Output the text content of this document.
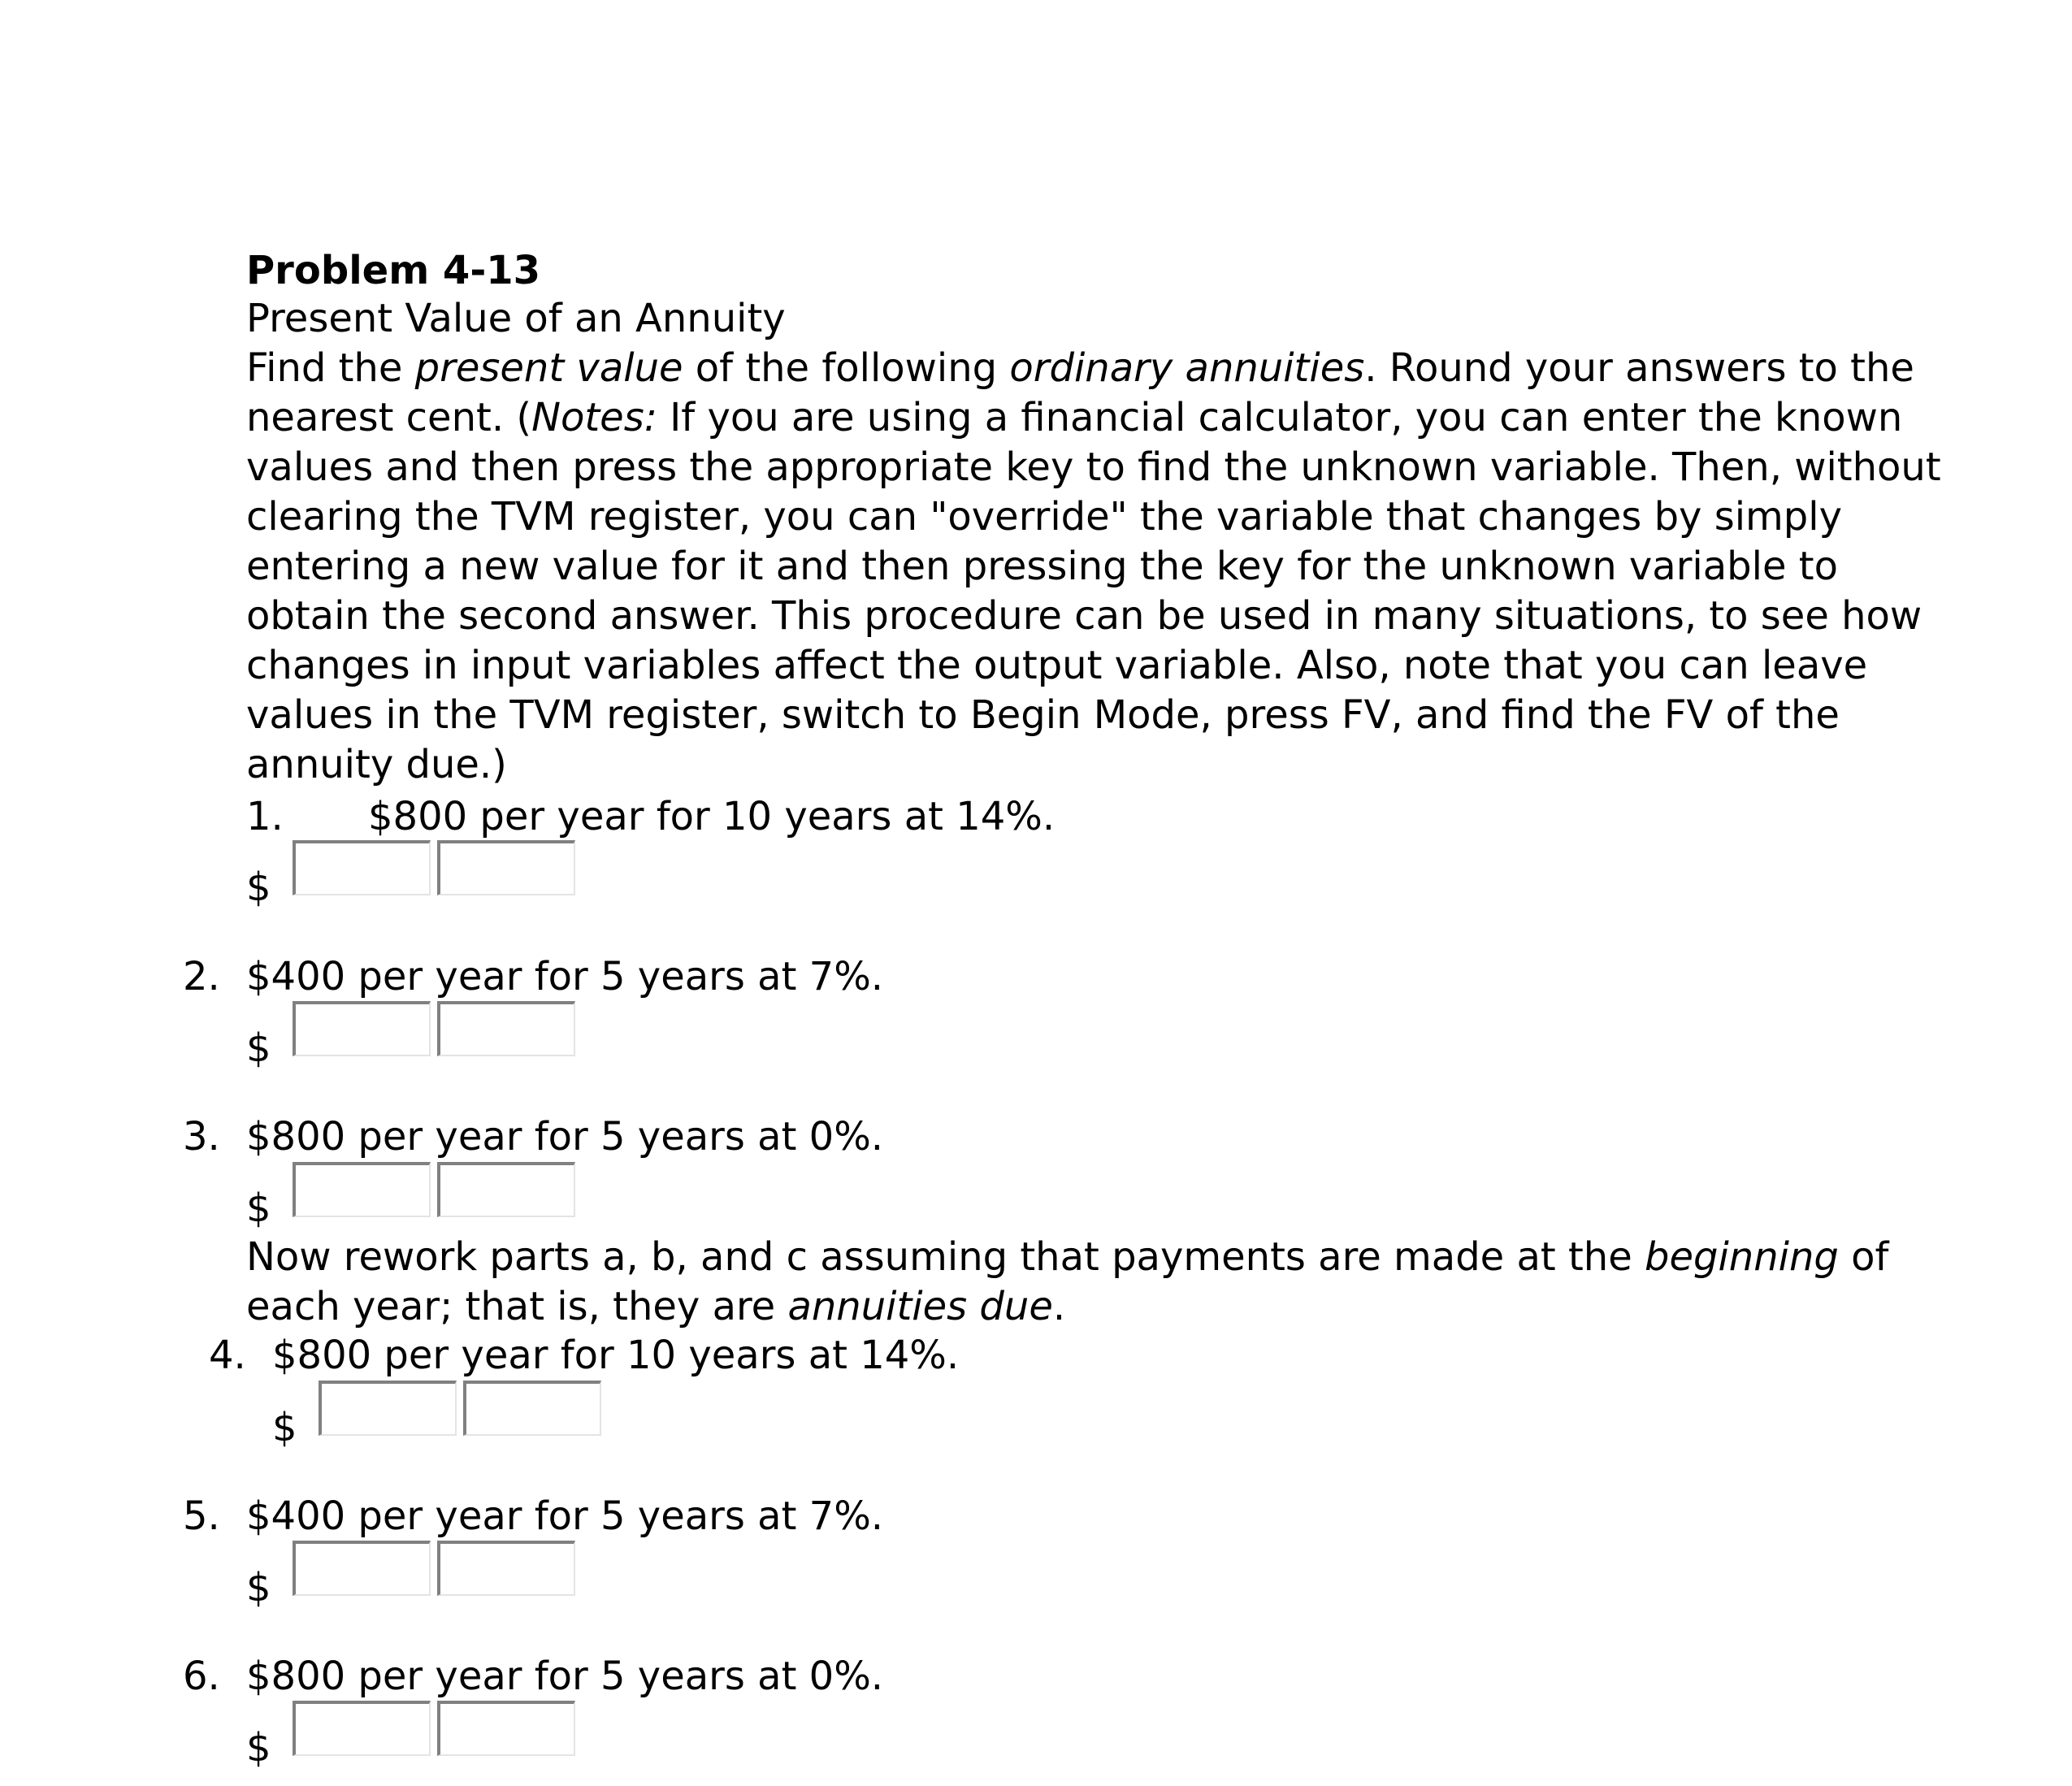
Problem 4-13
Present Value of an Annuity
Find the present value of the following ordinary annuities. Round your answers to the
nearest cent. (Notes: If you are using a financial calculator, you can enter the known
values and then press the appropriate key to find the unknown variable. Then, without
clearing the TVM register, you can "override" the variable that changes by simply
entering a new value for it and then pressing the key for the unknown variable to
obtain the second answer. This procedure can be used in many situations, to see how
changes in input variables affect the output variable. Also, note that you can leave
values in the TVM register, switch to Begin Mode, press FV, and find the FV of the
annuity due.)
1. $800 per year for 10 years at 14%.
$
2. $400 per year for 5 years at 7%.
$
3. $800 per year for 5 years at 0%.
$
Now rework parts a, b, and c assuming that payments are made at the beginning of
each year; that is, they are annuities due.
4. $800 per year for 10 years at 14%.
$
5. $400 per year for 5 years at 7%.
$
6. $800 per year for 5 years at 0%.
$
